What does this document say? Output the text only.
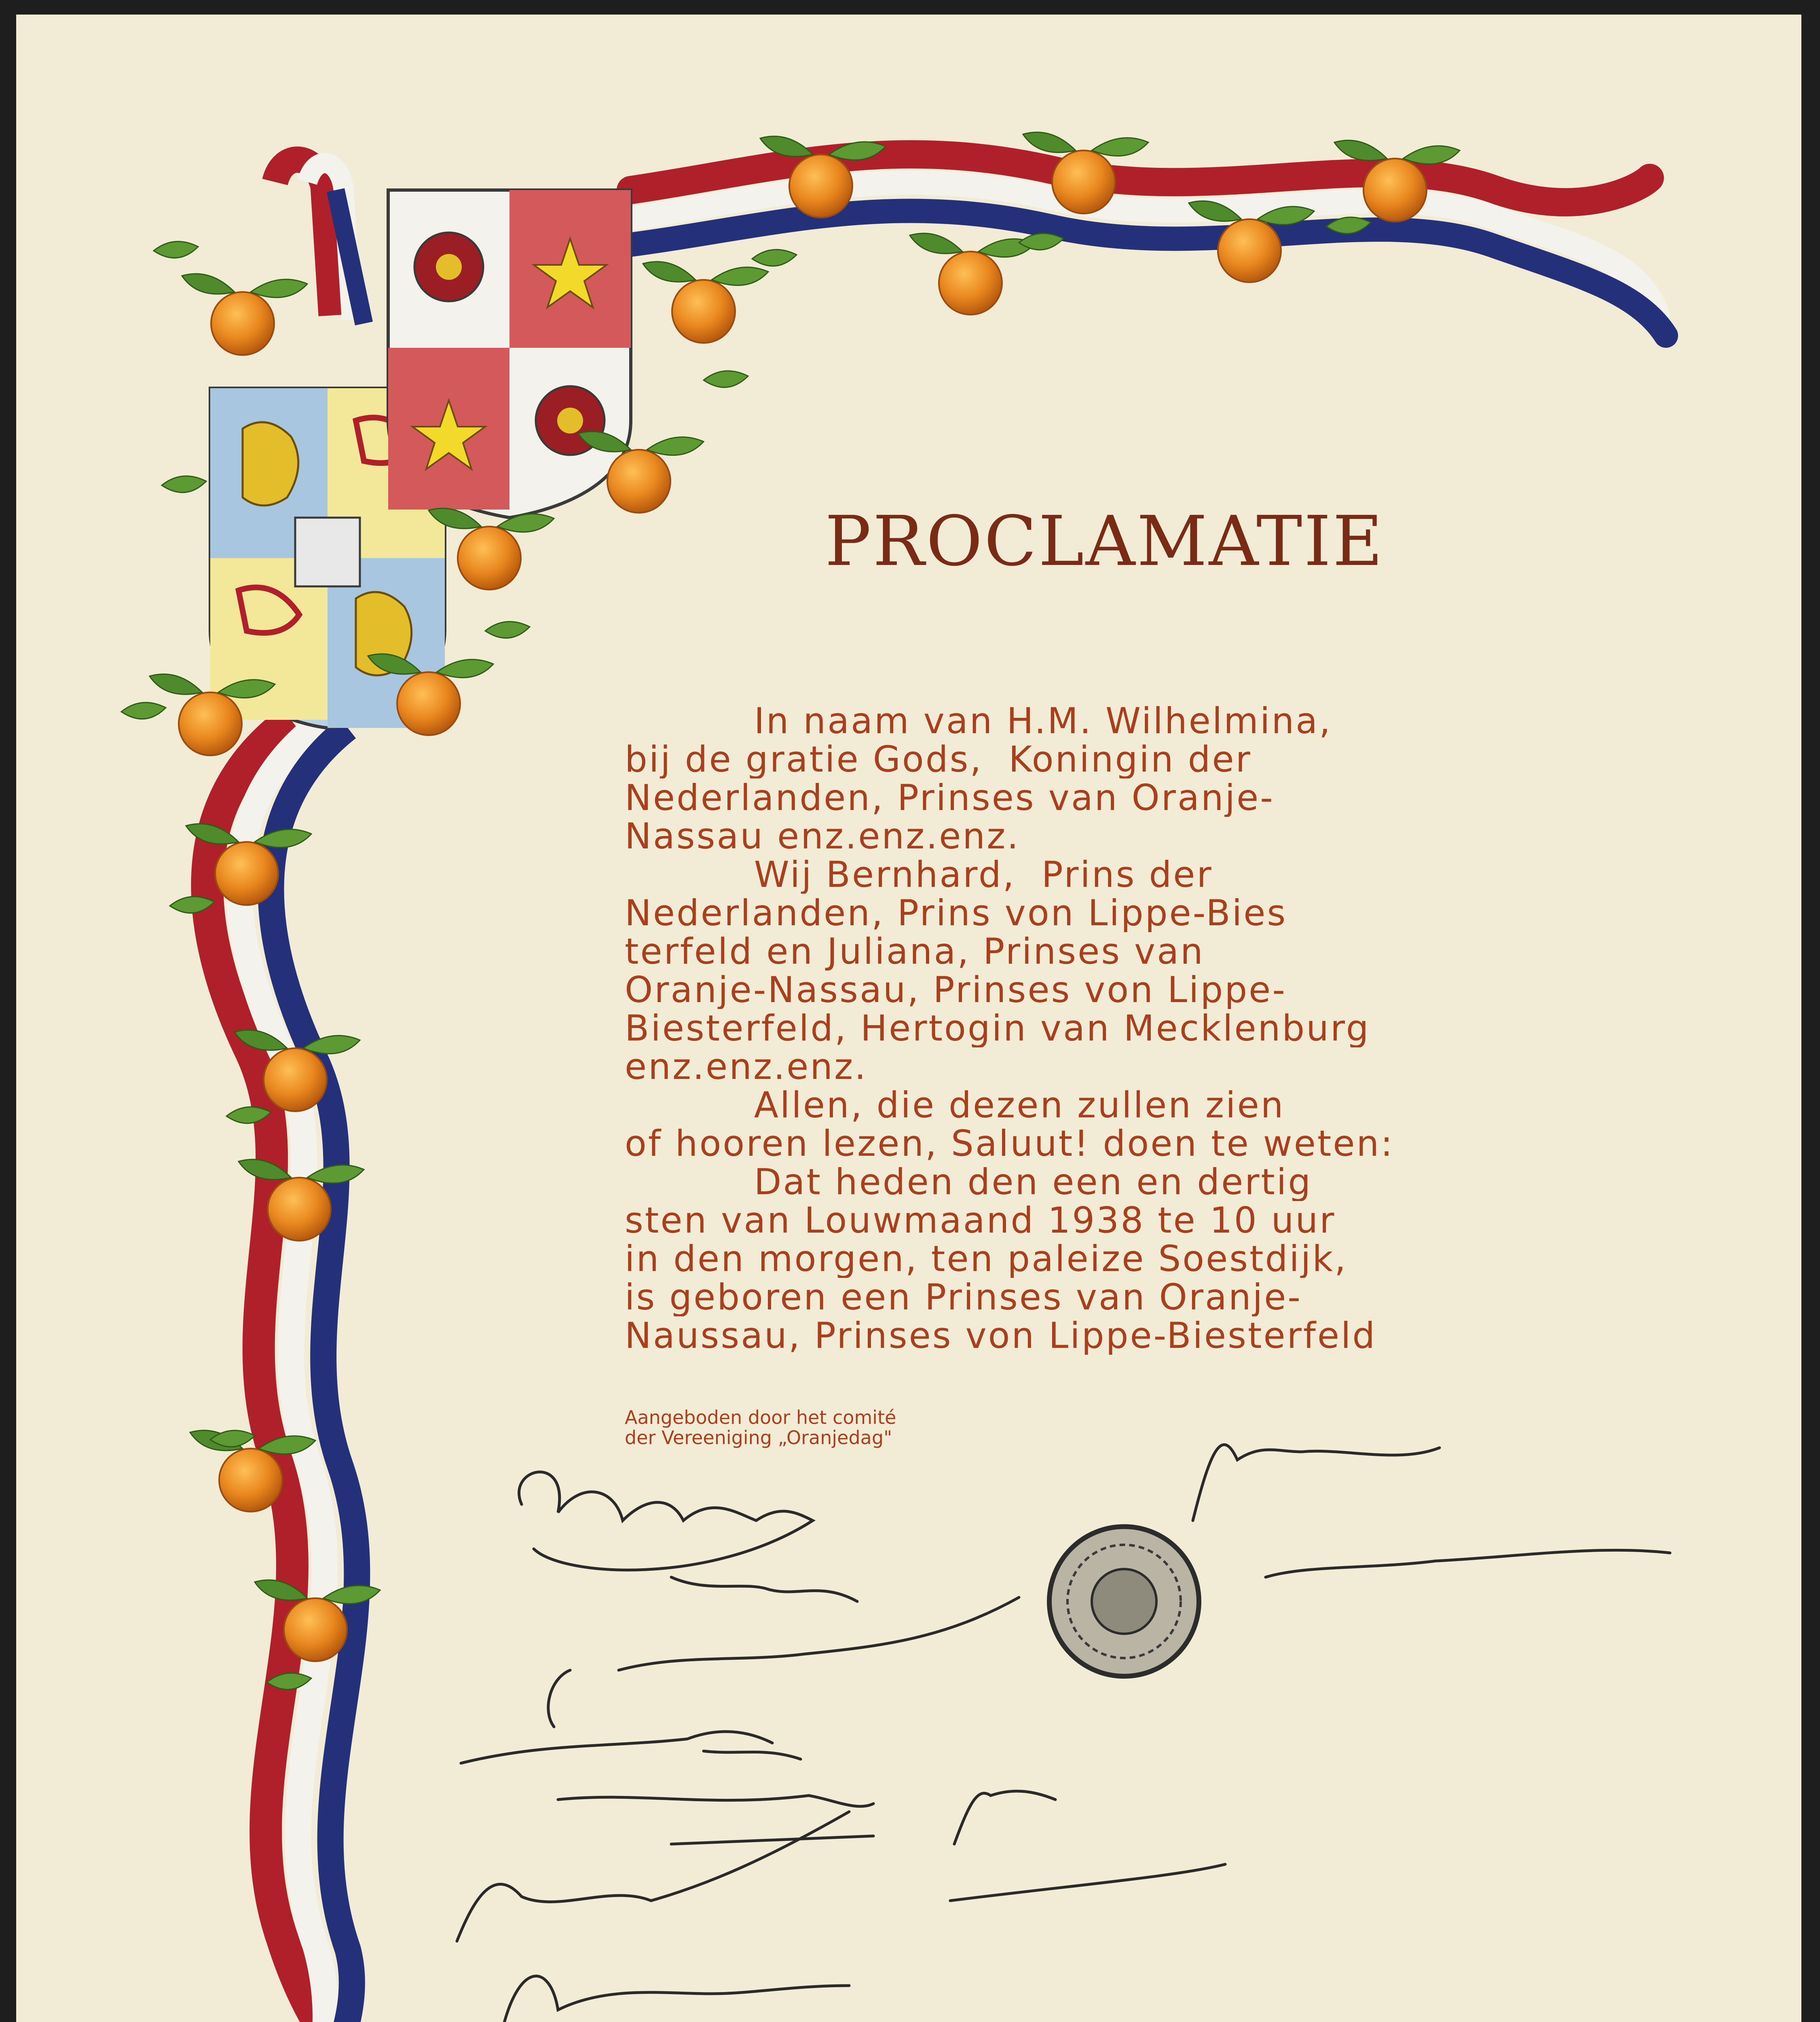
PROCLAMATIE
In naam van H.M. Wilhelmina,
bij de gratie Gods,  Koningin der
Nederlanden, Prinses van Oranje-
Nassau enz.enz.enz.
Wij Bernhard,  Prins der
Nederlanden, Prins von Lippe-Bies
terfeld en Juliana, Prinses van
Oranje-Nassau, Prinses von Lippe-
Biesterfeld, Hertogin van Mecklenburg
enz.enz.enz.
Allen, die dezen zullen zien
of hooren lezen, Saluut! doen te weten:
Dat heden den een en dertig
sten van Louwmaand 1938 te 10 uur
in den morgen, ten paleize Soestdijk,
is geboren een Prinses van Oranje-
Naussau, Prinses von Lippe-Biesterfeld
Aangeboden door het comité
der Vereeniging „Oranjedag"
